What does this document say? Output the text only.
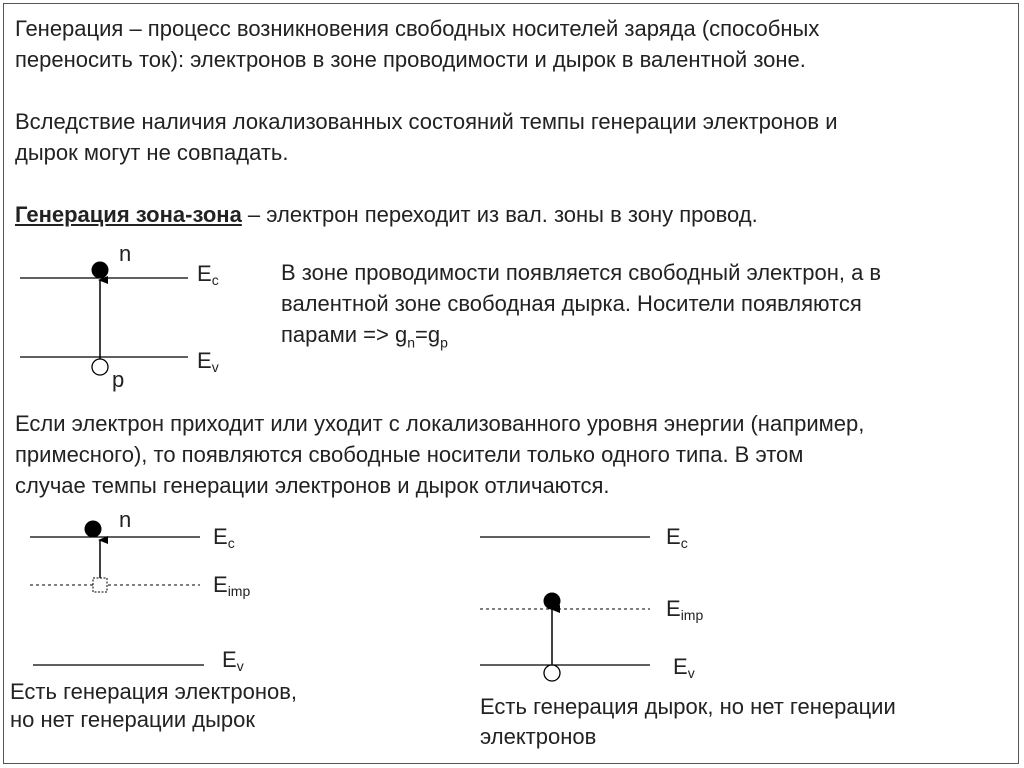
Генерация – процесс возникновения свободных носителей заряда (способных
переносить ток): электронов в зоне проводимости и дырок в валентной зоне.
Вследствие наличия локализованных состояний темпы генерации электронов и
дырок могут не совпадать.
Генерация зона-зона – электрон переходит из вал. зоны в зону провод.
В зоне проводимости появляется свободный электрон, а в
валентной зоне свободная дырка. Носители появляются
парами => $g_n=g_p$
Если электрон приходит или уходит с локализованного уровня энергии (например,
примесного), то появляются свободные носители только одного типа. В этом
случае темпы генерации электронов и дырок отличаются.
n
p
$E_c$
$E_v$
n
$E_c$
$E_{imp}$
$E_v$
Есть генерация электронов,
но нет генерации дырок
$E_c$
$E_{imp}$
$E_v$
Есть генерация дырок, но нет генерации
электронов
